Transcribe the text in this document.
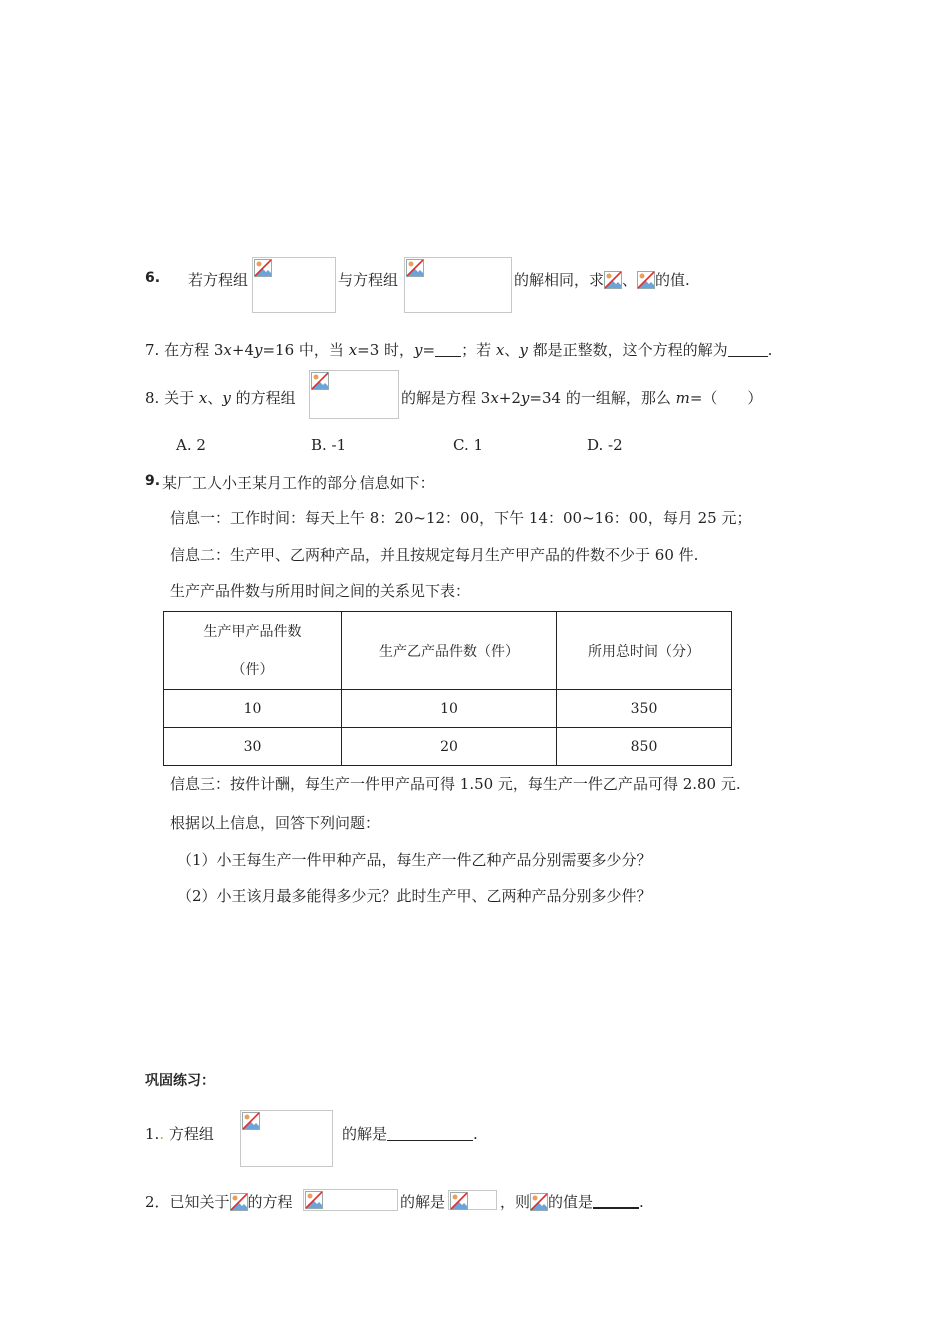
6. 若方程组	与方程组	的解相同，求 、 的值.
7. 在方程 3x+4y=16 中，当 x=3 时，y= ；若 x、y 都是正整数，这个方程的解为	.
8. 关于 x、y 的方程组	的解是方程 3x+2y=34 的一组解，那么 m=（　　）
A. 2	B. -1	C. 1	D. -2
9. 某厂工人小王某月工作的部分.信息如下：
信息一：工作时间：每天上午 8：20~12：00，下午 14：00~16：00，每月 25 元；
信息二：生产甲、乙两种产品，并且按规定每月生产甲产品的件数不少于 60 件.
生产产品件数与所用时间之间的关系见下表：
生产甲产品件数
（件）	生产乙产品件数（件）	所用总时间（分）
10	10	350
30	20	850
信息三：按件计酬，每生产一件甲产品可得 1.50 元，每生产一件乙产品可得 2.80 元.
根据以上信息，回答下列问题：
（1）小王每生产一件甲种产品，每生产一件乙种产品分别需要多少分？
（2）小王该月最多能得多少元？此时生产甲、乙两种产品分别多少件？
巩固练习：
1.. 方程组	的解是	.
2．已知关于 的方程	的解是	，则 的值是	.
